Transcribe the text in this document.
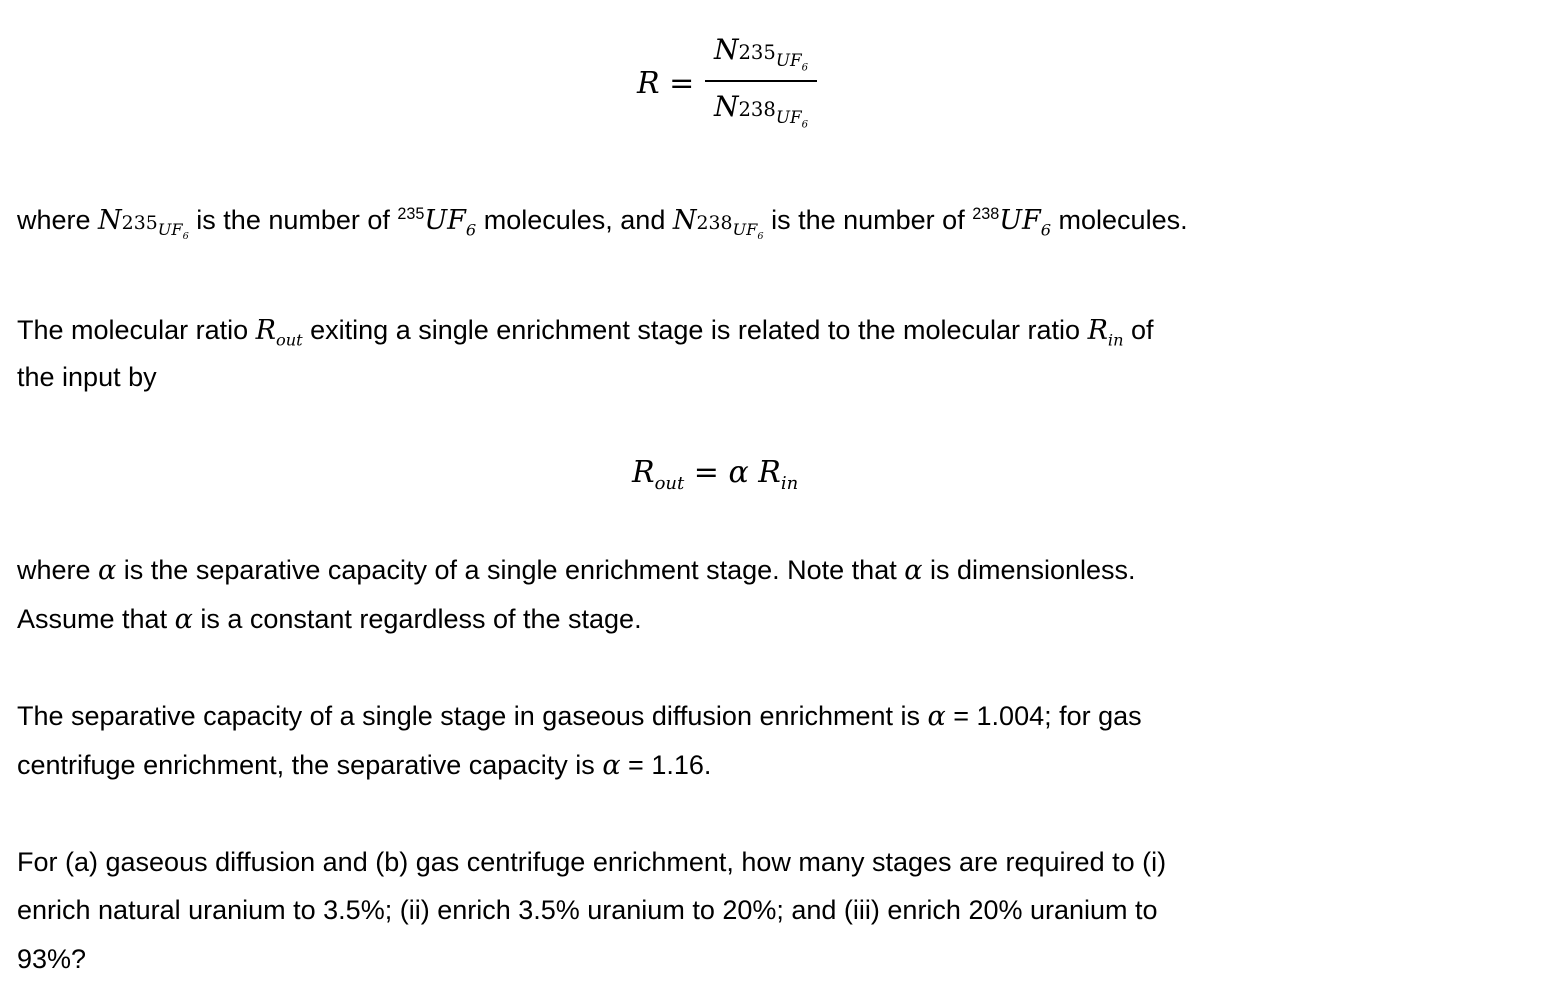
R =
$N235_{UF_6}$
$N238_{UF_6}$
where $N235_{UF_6}$ is the number of $^{235}UF_6$ molecules, and $N238_{UF_6}$ is the number of $^{238}UF_6$ molecules.
The molecular ratio $R_{out}$ exiting a single enrichment stage is related to the molecular ratio $R_{in}$ of
the input by
$R_{out} = \alpha$ $R_{in}$
where α is the separative capacity of a single enrichment stage. Note that α is dimensionless.
Assume that α is a constant regardless of the stage.
The separative capacity of a single stage in gaseous diffusion enrichment is α = 1.004; for gas
centrifuge enrichment, the separative capacity is α = 1.16.
For (a) gaseous diffusion and (b) gas centrifuge enrichment, how many stages are required to (i)
enrich natural uranium to 3.5%; (ii) enrich 3.5% uranium to 20%; and (iii) enrich 20% uranium to
93%?
